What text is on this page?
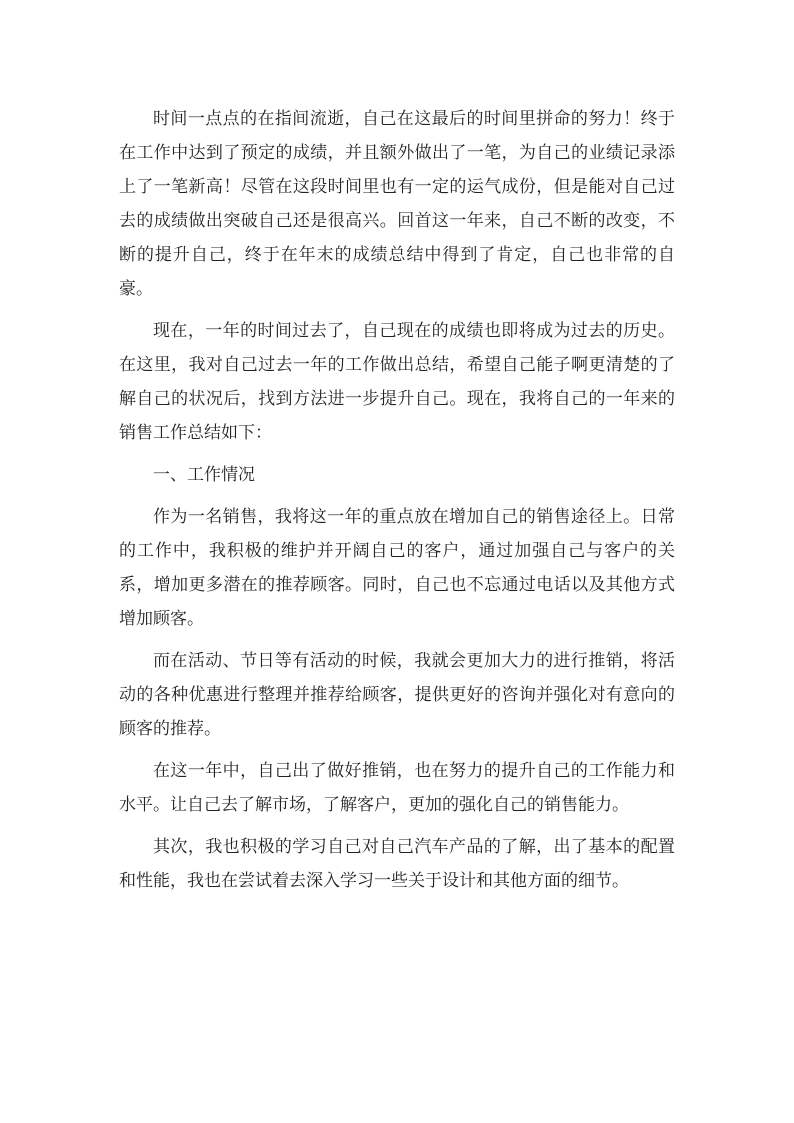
时间一点点的在指间流逝，自己在这最后的时间里拼命的努力！终于在工作中达到了预定的成绩，并且额外做出了一笔，为自己的业绩记录添上了一笔新高！尽管在这段时间里也有一定的运气成份，但是能对自己过去的成绩做出突破自己还是很高兴。回首这一年来，自己不断的改变，不断的提升自己，终于在年末的成绩总结中得到了肯定，自己也非常的自豪。

现在，一年的时间过去了，自己现在的成绩也即将成为过去的历史。在这里，我对自己过去一年的工作做出总结，希望自己能子啊更清楚的了解自己的状况后，找到方法进一步提升自己。现在，我将自己的一年来的销售工作总结如下：

一、工作情况

作为一名销售，我将这一年的重点放在增加自己的销售途径上。日常的工作中，我积极的维护并开阔自己的客户，通过加强自己与客户的关系，增加更多潜在的推荐顾客。同时，自己也不忘通过电话以及其他方式增加顾客。

而在活动、节日等有活动的时候，我就会更加大力的进行推销，将活动的各种优惠进行整理并推荐给顾客，提供更好的咨询并强化对有意向的顾客的推荐。

在这一年中，自己出了做好推销，也在努力的提升自己的工作能力和水平。让自己去了解市场，了解客户，更加的强化自己的销售能力。

其次，我也积极的学习自己对自己汽车产品的了解，出了基本的配置和性能，我也在尝试着去深入学习一些关于设计和其他方面的细节。
